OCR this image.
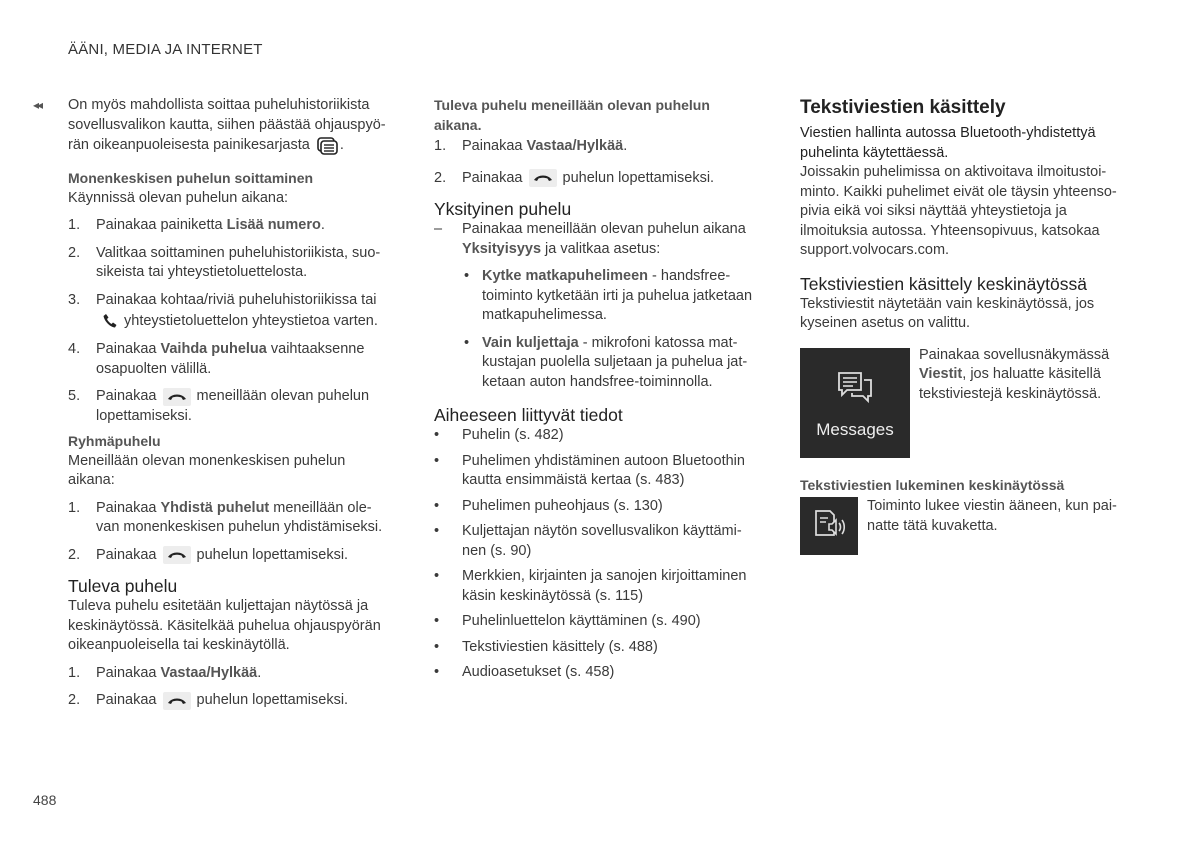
ÄÄNI, MEDIA JA INTERNET
◂◂ On myös mahdollista soittaa puheluhistoriikista
sovellusvalikon kautta, siihen päästää ohjauspyö-
rän oikeanpuoleisesta painikesarjasta .

Monenkeskisen puhelun soittaminen

Käynnissä olevan puhelun aikana:

1.	Painakaa painiketta Lisää numero.
2.	Valitkaa soittaminen puheluhistoriikista, suo-
sikeista tai yhteystietoluettelosta.
3.	Painakaa kohtaa/riviä puheluhistoriikissa tai

yhteystietoluettelon yhteystietoa varten.
4.	Painakaa Vaihda puhelua vaihtaaksenne
osapuolten välillä.
5.	Painakaa
meneillään olevan puhelun
lopettamiseksi.

Ryhmäpuhelu

Meneillään olevan monenkeskisen puhelun
aikana:

1.	Painakaa Yhdistä puhelut meneillään ole-
van monenkeskisen puhelun yhdistämiseksi.
2.	Painakaa
puhelun lopettamiseksi.

Tuleva puhelu

Tuleva puhelu esitetään kuljettajan näytössä ja
keskinäytössä. Käsitelkää puhelua ohjauspyörän
oikeanpuoleisella tai keskinäytöllä.

1.	Painakaa Vastaa/Hylkää.
2.	Painakaa
puhelun lopettamiseksi.

Tuleva puhelu meneillään olevan puhelun
aikana.

1.	Painakaa Vastaa/Hylkää.
2.	Painakaa
puhelun lopettamiseksi.

Yksityinen puhelu

–	Painakaa meneillään olevan puhelun aikana
Yksityisyys ja valitkaa asetus:
• Kytke matkapuhelimeen - handsfree-
toiminto kytketään irti ja puhelua jatketaan
matkapuhelimessa.
• Vain kuljettaja - mikrofoni katossa mat-
kustajan puolella suljetaan ja puhelua jat-
ketaan auton handsfree-toiminnolla.

Aiheeseen liittyvät tiedot

•	Puhelin (s. 482)
•	Puhelimen yhdistäminen autoon Bluetoothin
kautta ensimmäistä kertaa (s. 483)
•	Puhelimen puheohjaus (s. 130)
•	Kuljettajan näytön sovellusvalikon käyttämi-
nen (s. 90)
•	Merkkien, kirjainten ja sanojen kirjoittaminen
käsin keskinäytössä (s. 115)
•	Puhelinluettelon käyttäminen (s. 490)
•	Tekstiviestien käsittely (s. 488)
•	Audioasetukset (s. 458)

Tekstiviestien käsittely

Viestien hallinta autossa Bluetooth-yhdistettyä
puhelinta käytettäessä.

Joissakin puhelimissa on aktivoitava ilmoitustoi-
minto. Kaikki puhelimet eivät ole täysin yhteenso-
pivia eikä voi siksi näyttää yhteystietoja ja
ilmoituksia autossa. Yhteensopivuus, katsokaa
support.volvocars.com.

Tekstiviestien käsittely keskinäytössä

Tekstiviestit näytetään vain keskinäytössä, jos
kyseinen asetus on valittu.

Messages

Painakaa sovellusnäkymässä
Viestit, jos haluatte käsitellä
tekstiviestejä keskinäytössä.

Tekstiviestien lukeminen keskinäytössä

Toiminto lukee viestin ääneen, kun pai-
natte tätä kuvaketta.

488
